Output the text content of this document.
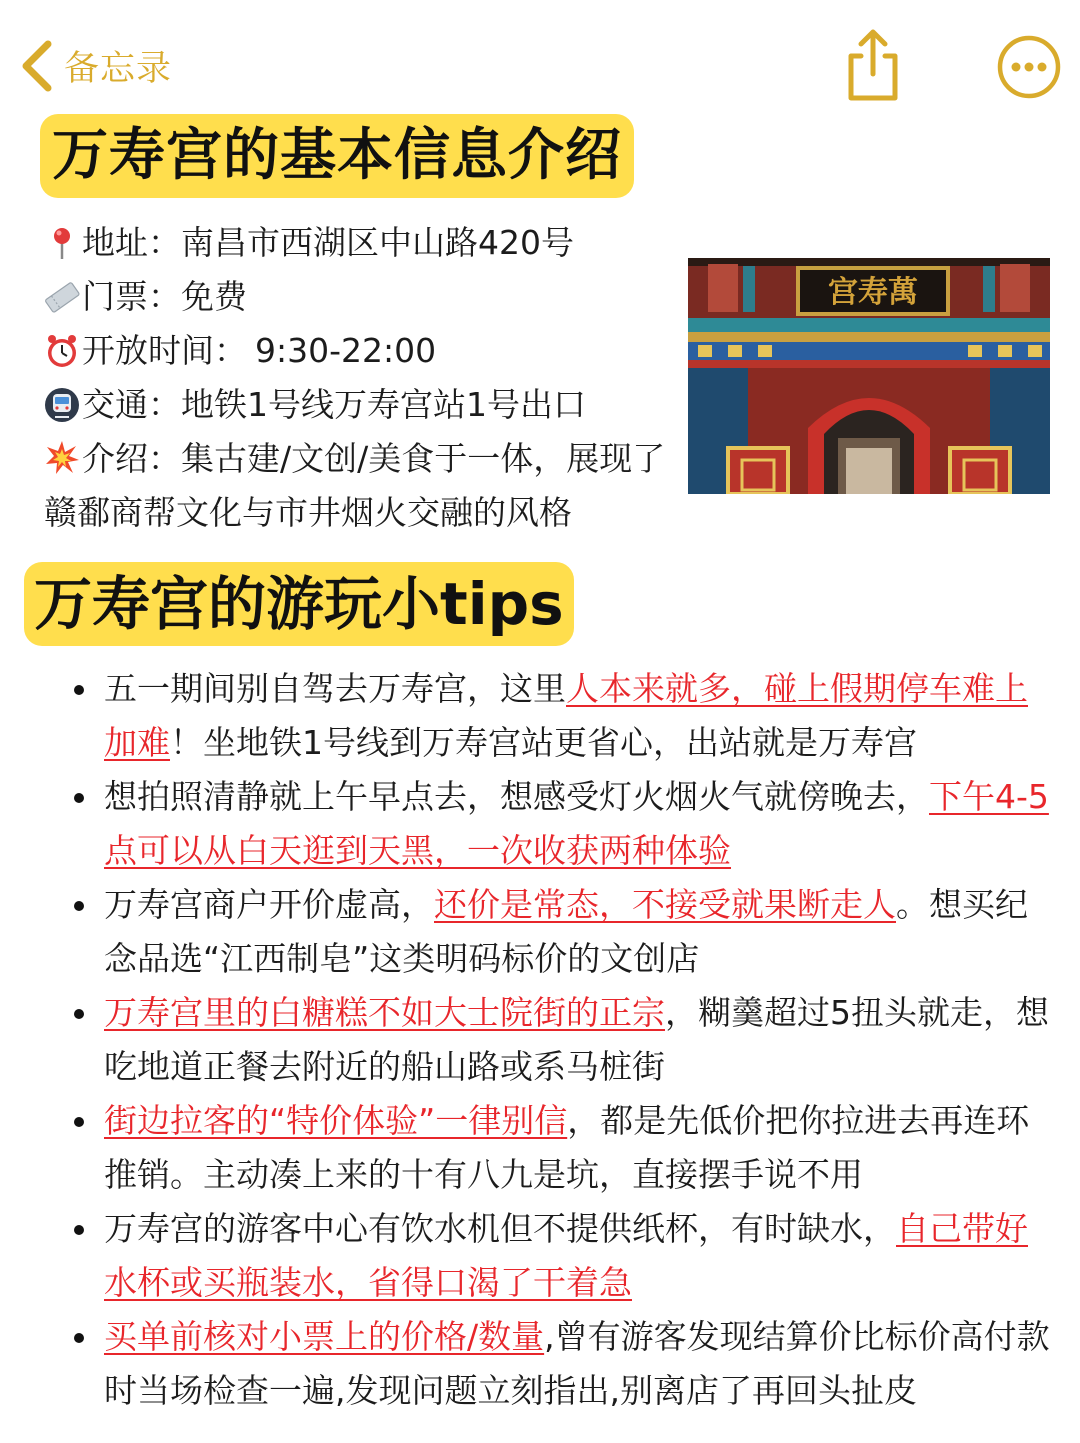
备忘录
万寿宫的基本信息介绍
地址： 南昌市西湖区中山路420号
门票： 免费
开放时间： 9:30-22:00
交通： 地铁1号线万寿宫站1号出口
介绍：集古建/文创/美食于一体，展现了赣鄱商帮文化与市井烟火交融的风格
宫寿萬
万寿宫的游玩小tips
五一期间别自驾去万寿宫，这里人本来就多，碰上假期停车难上加难！坐地铁1号线到万寿宫站更省心，出站就是万寿宫
想拍照清静就上午早点去，想感受灯火烟火气就傍晚去，下午4-5点可以从白天逛到天黑，一次收获两种体验
万寿宫商户开价虚高，还价是常态，不接受就果断走人。想买纪念品选“江西制皂”这类明码标价的文创店
万寿宫里的白糖糕不如大士院街的正宗，糊羹超过5扭头就走，想吃地道正餐去附近的船山路或系马桩街
街边拉客的“特价体验”一律别信，都是先低价把你拉进去再连环推销。主动凑上来的十有八九是坑，直接摆手说不用
万寿宫的游客中心有饮水机但不提供纸杯，有时缺水，自己带好水杯或买瓶装水，省得口渴了干着急
买单前核对小票上的价格/数量,曾有游客发现结算价比标价高付款时当场检查一遍,发现问题立刻指出,别离店了再回头扯皮
